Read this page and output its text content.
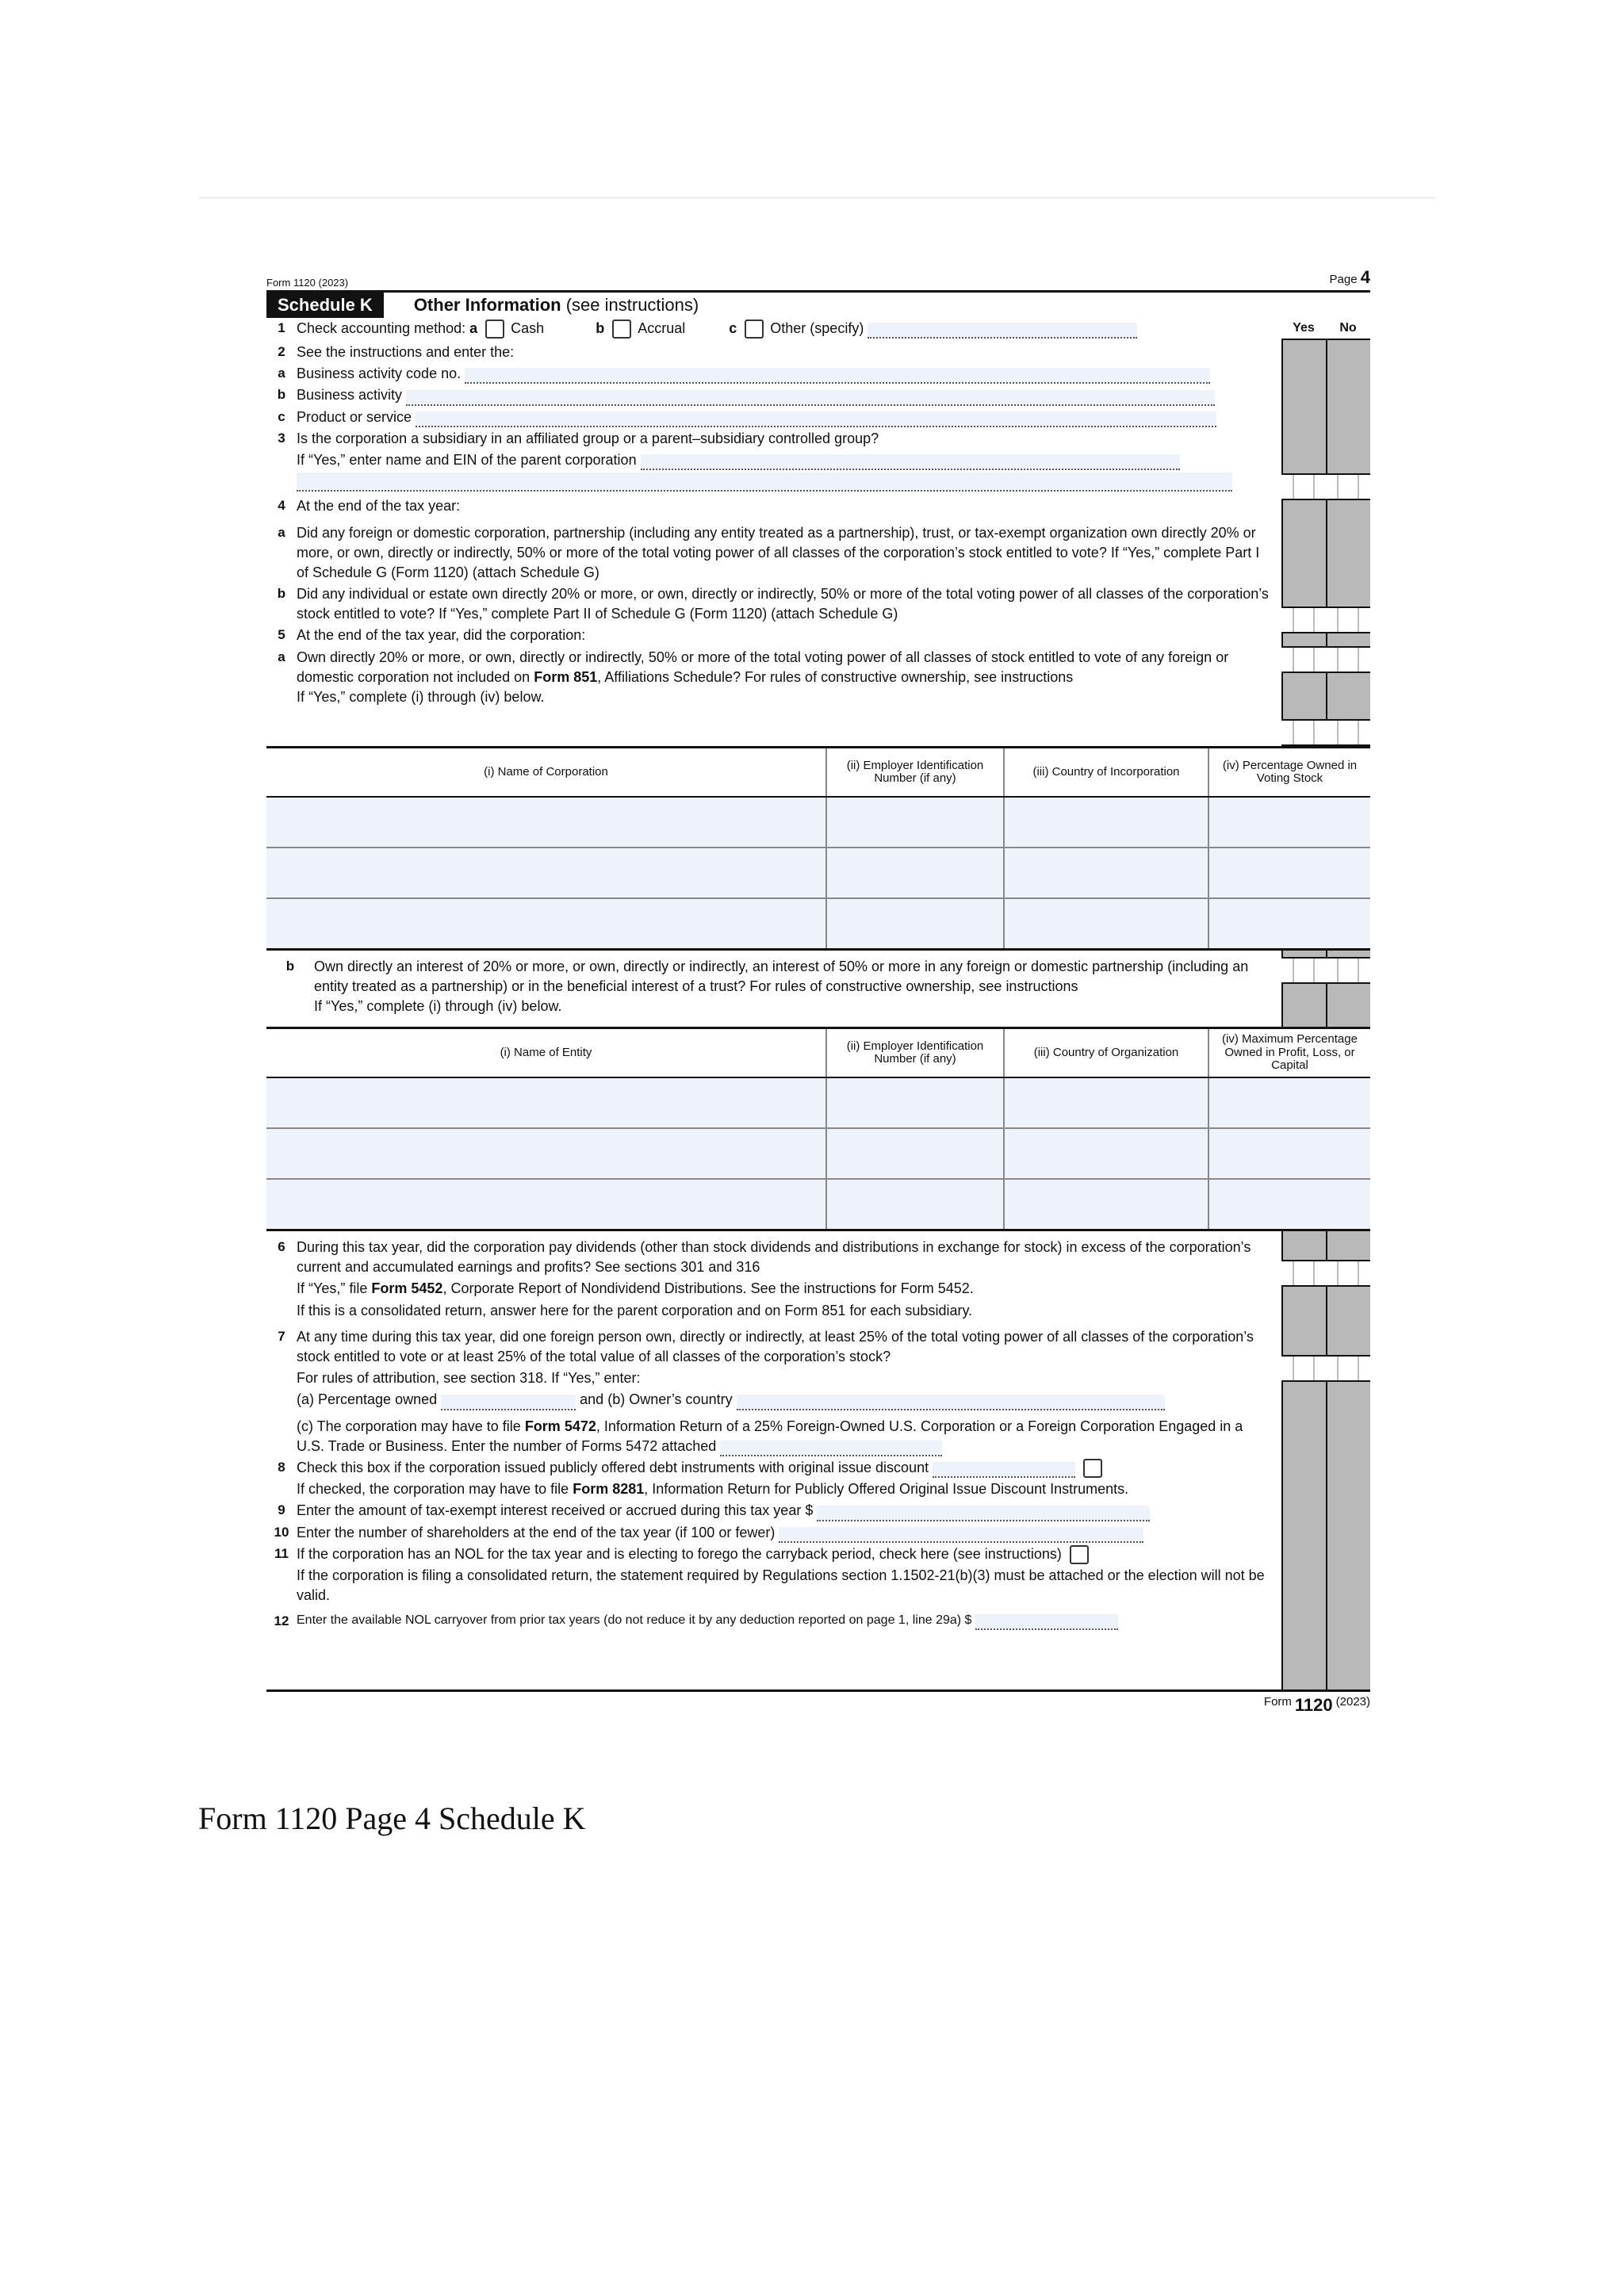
Form 1120 (2023)	Page 4
Schedule K	Other Information (see instructions)
Yes	No
1 Check accounting method: a Cash	b Accrual	c Other (specify)
2 See the instructions and enter the:
a Business activity code no.
b Business activity
c Product or service
3 Is the corporation a subsidiary in an affiliated group or a parent–subsidiary controlled group?
If “Yes,” enter name and EIN of the parent corporation
4 At the end of the tax year:
a Did any foreign or domestic corporation, partnership (including any entity treated as a partnership), trust, or tax-exempt organization own directly 20% or more, or own, directly or indirectly, 50% or more of the total voting power of all classes of the corporation’s stock entitled to vote? If “Yes,” complete Part I of Schedule G (Form 1120) (attach Schedule G)
b Did any individual or estate own directly 20% or more, or own, directly or indirectly, 50% or more of the total voting power of all classes of the corporation’s stock entitled to vote? If “Yes,” complete Part II of Schedule G (Form 1120) (attach Schedule G)
5 At the end of the tax year, did the corporation:
a Own directly 20% or more, or own, directly or indirectly, 50% or more of the total voting power of all classes of stock entitled to vote of any foreign or domestic corporation not included on Form 851, Affiliations Schedule? For rules of constructive ownership, see instructions
If “Yes,” complete (i) through (iv) below.
(i) Name of Corporation	(ii) Employer Identification Number (if any)	(iii) Country of Incorporation	(iv) Percentage Owned in Voting Stock

b	Own directly an interest of 20% or more, or own, directly or indirectly, an interest of 50% or more in any foreign or domestic partnership (including an entity treated as a partnership) or in the beneficial interest of a trust? For rules of constructive ownership, see instructions
If “Yes,” complete (i) through (iv) below.
(i) Name of Entity	(ii) Employer Identification Number (if any)	(iii) Country of Organization	(iv) Maximum Percentage Owned in Profit, Loss, or Capital

6 During this tax year, did the corporation pay dividends (other than stock dividends and distributions in exchange for stock) in excess of the corporation’s current and accumulated earnings and profits? See sections 301 and 316
If “Yes,” file Form 5452, Corporate Report of Nondividend Distributions. See the instructions for Form 5452.
If this is a consolidated return, answer here for the parent corporation and on Form 851 for each subsidiary.
7 At any time during this tax year, did one foreign person own, directly or indirectly, at least 25% of the total voting power of all classes of the corporation’s stock entitled to vote or at least 25% of the total value of all classes of the corporation’s stock?
For rules of attribution, see section 318. If “Yes,” enter:
(a) Percentage owned	and (b) Owner’s country
(c) The corporation may have to file Form 5472, Information Return of a 25% Foreign-Owned U.S. Corporation or a Foreign Corporation Engaged in a U.S. Trade or Business. Enter the number of Forms 5472 attached
8 Check this box if the corporation issued publicly offered debt instruments with original issue discount
If checked, the corporation may have to file Form 8281, Information Return for Publicly Offered Original Issue Discount Instruments.
9 Enter the amount of tax-exempt interest received or accrued during this tax year $
10 Enter the number of shareholders at the end of the tax year (if 100 or fewer)
11 If the corporation has an NOL for the tax year and is electing to forego the carryback period, check here (see instructions)
If the corporation is filing a consolidated return, the statement required by Regulations section 1.1502-21(b)(3) must be attached or the election will not be valid.
12 Enter the available NOL carryover from prior tax years (do not reduce it by any deduction reported on page 1, line 29a) $
Form 1120 (2023)
Form 1120 Page 4 Schedule K
